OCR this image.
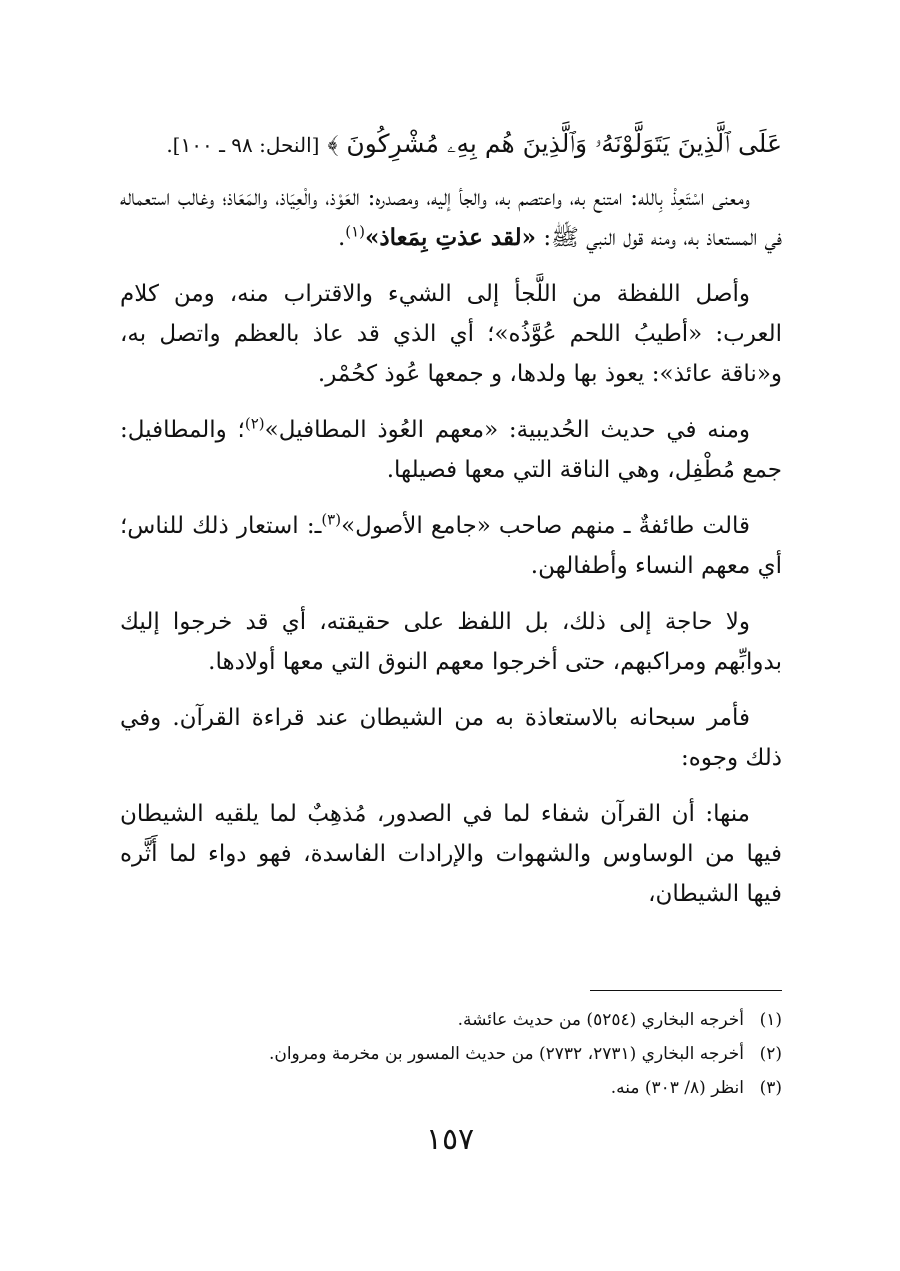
عَلَى ٱلَّذِينَ يَتَوَلَّوْنَهُۥ وَٱلَّذِينَ هُم بِهِۦ مُشْرِكُونَ ﴾ [النحل: ٩٨ ـ ١٠٠].

ومعنى اسْتَعِذْ بِالله: امتنع به، واعتصم به، والجأ إليه، ومصدره: العَوْذ، والْعِيَاذ، والمَعَاذ؛ وغالب استعماله في المستعاذ به، ومنه قول النبي ﷺ: «لقد عذتِ بِمَعاذ»$^{(١)}$.

وأصل اللفظة من اللَّجأ إلى الشيء والاقتراب منه، ومن كلام العرب: «أطيبُ اللحم عُوَّذُه»؛ أي الذي قد عاذ بالعظم واتصل به، و«ناقة عائذ»: يعوذ بها ولدها، و جمعها عُوذ كحُمْر.

ومنه في حديث الحُديبية: «معهم العُوذ المطافيل»$^{(٢)}$؛ والمطافيل: جمع مُطْفِل، وهي الناقة التي معها فصيلها.

قالت طائفةٌ ـ منهم صاحب «جامع الأصول»$^{(٣)}$ـ: استعار ذلك للناس؛ أي معهم النساء وأطفالهن.

ولا حاجة إلى ذلك، بل اللفظ على حقيقته، أي قد خرجوا إليك بدوابِّهم ومراكبهم، حتى أخرجوا معهم النوق التي معها أولادها.

فأمر سبحانه بالاستعاذة به من الشيطان عند قراءة القرآن. وفي ذلك وجوه:

منها: أن القرآن شفاء لما في الصدور، مُذهِبٌ لما يلقيه الشيطان فيها من الوساوس والشهوات والإرادات الفاسدة، فهو دواء لما أَثَّره فيها الشيطان،

(١)أخرجه البخاري (٥٢٥٤) من حديث عائشة.
(٢)أخرجه البخاري (٢٧٣١، ٢٧٣٢) من حديث المسور بن مخرمة ومروان.
(٣)انظر (٨/ ٣٠٣) منه.
١٥٧
